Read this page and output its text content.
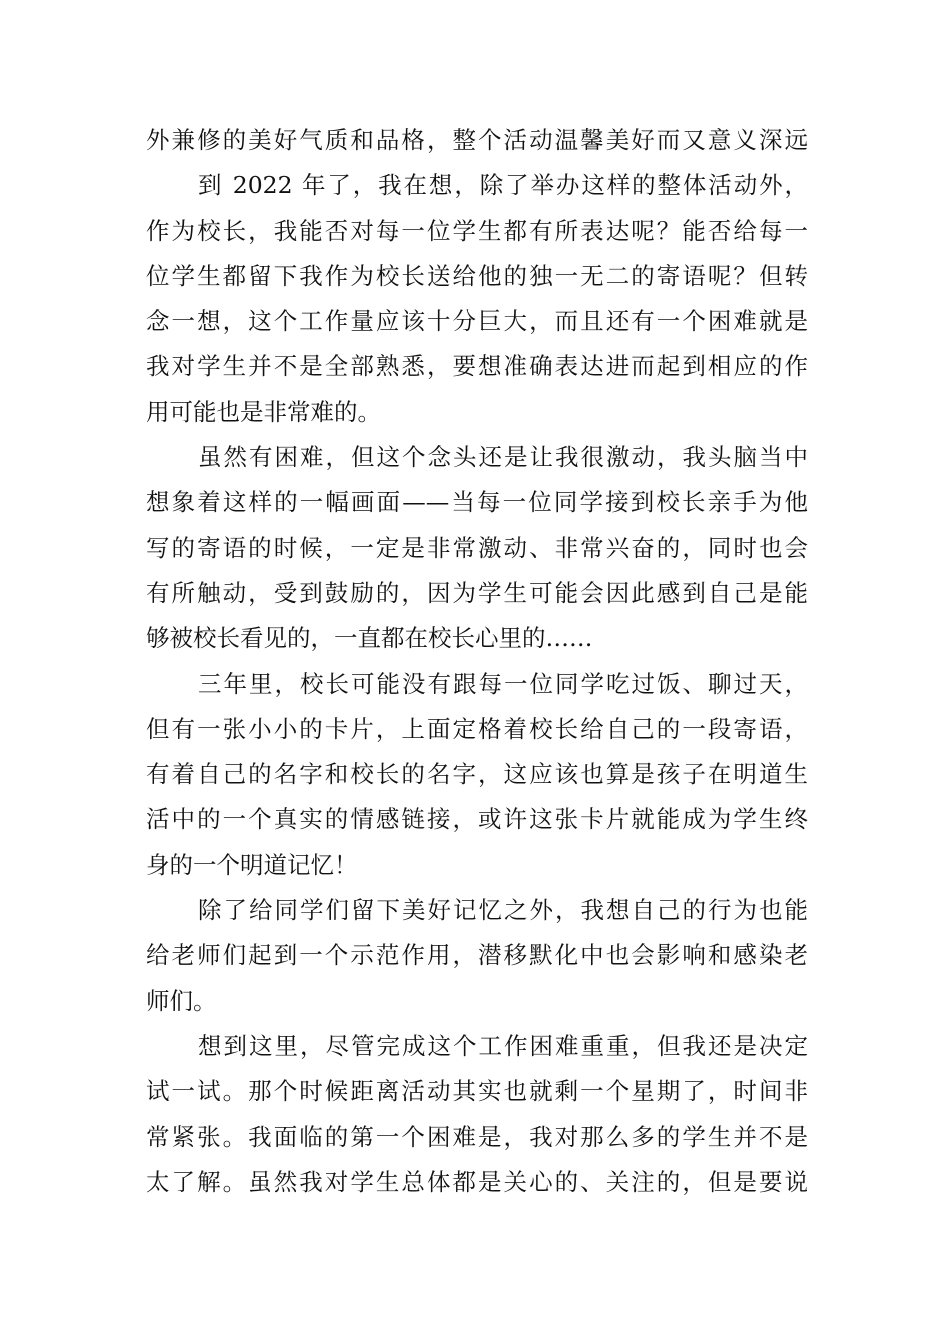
外兼修的美好气质和品格，整个活动温馨美好而又意义深远
到 2022 年了，我在想，除了举办这样的整体活动外，
作为校长，我能否对每一位学生都有所表达呢？能否给每一
位学生都留下我作为校长送给他的独一无二的寄语呢？但转
念一想，这个工作量应该十分巨大，而且还有一个困难就是
我对学生并不是全部熟悉，要想准确表达进而起到相应的作
用可能也是非常难的。
虽然有困难，但这个念头还是让我很激动，我头脑当中
想象着这样的一幅画面——当每一位同学接到校长亲手为他
写的寄语的时候，一定是非常激动、非常兴奋的，同时也会
有所触动，受到鼓励的，因为学生可能会因此感到自己是能
够被校长看见的，一直都在校长心里的……
三年里，校长可能没有跟每一位同学吃过饭、聊过天，
但有一张小小的卡片，上面定格着校长给自己的一段寄语，
有着自己的名字和校长的名字，这应该也算是孩子在明道生
活中的一个真实的情感链接，或许这张卡片就能成为学生终
身的一个明道记忆！
除了给同学们留下美好记忆之外，我想自己的行为也能
给老师们起到一个示范作用，潜移默化中也会影响和感染老
师们。
想到这里，尽管完成这个工作困难重重，但我还是决定
试一试。那个时候距离活动其实也就剩一个星期了，时间非
常紧张。我面临的第一个困难是，我对那么多的学生并不是
太了解。虽然我对学生总体都是关心的、关注的，但是要说
